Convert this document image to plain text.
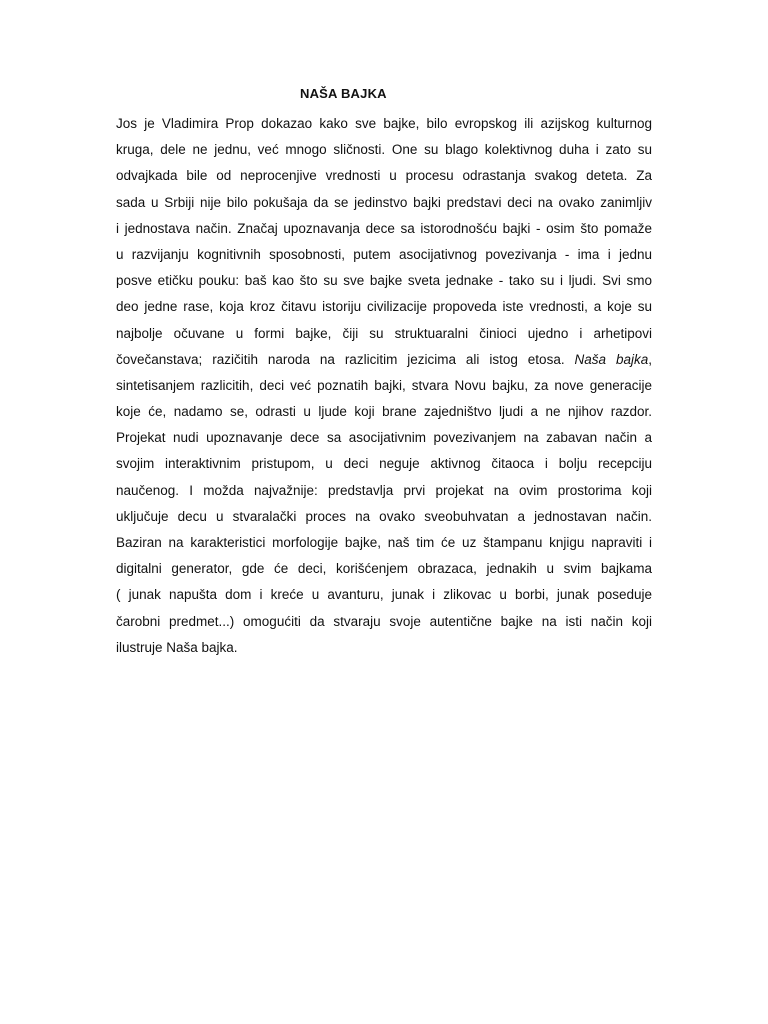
NAŠA BAJKA
Jos je Vladimira Prop dokazao kako sve bajke, bilo evropskog ili azijskog kulturnog
kruga, dele ne jednu, već mnogo sličnosti. One su blago kolektivnog duha i zato su
odvajkada bile od neprocenjive vrednosti u procesu odrastanja svakog deteta. Za
sada u Srbiji nije bilo pokušaja da se jedinstvo bajki predstavi deci na ovako zanimljiv
i jednostava način. Značaj upoznavanja dece sa istorodnošću bajki - osim što pomaže
u razvijanju kognitivnih sposobnosti, putem asocijativnog povezivanja - ima i jednu
posve etičku pouku: baš kao što su sve bajke sveta jednake - tako su i ljudi. Svi smo
deo jedne rase, koja kroz čitavu istoriju civilizacije propoveda iste vrednosti, a koje su
najbolje očuvane u formi bajke, čiji su struktuaralni činioci ujedno i arhetipovi
čovečanstava; razičitih naroda na razlicitim jezicima ali istog etosa. Naša bajka,
sintetisanjem razlicitih, deci već poznatih bajki, stvara Novu bajku, za nove generacije
koje će, nadamo se, odrasti u ljude koji brane zajedništvo ljudi a ne njihov razdor.
Projekat nudi upoznavanje dece sa asocijativnim povezivanjem na zabavan način a
svojim interaktivnim pristupom, u deci neguje aktivnog čitaoca i bolju recepciju
naučenog. I možda najvažnije: predstavlja prvi projekat na ovim prostorima koji
uključuje decu u stvaralački proces na ovako sveobuhvatan a jednostavan način.
Baziran na karakteristici morfologije bajke, naš tim će uz štampanu knjigu napraviti i
digitalni generator, gde će deci, korišćenjem obrazaca, jednakih u svim bajkama
( junak napušta dom i kreće u avanturu, junak i zlikovac u borbi, junak poseduje
čarobni predmet...) omogućiti da stvaraju svoje autentične bajke na isti način koji
ilustruje Naša bajka.
